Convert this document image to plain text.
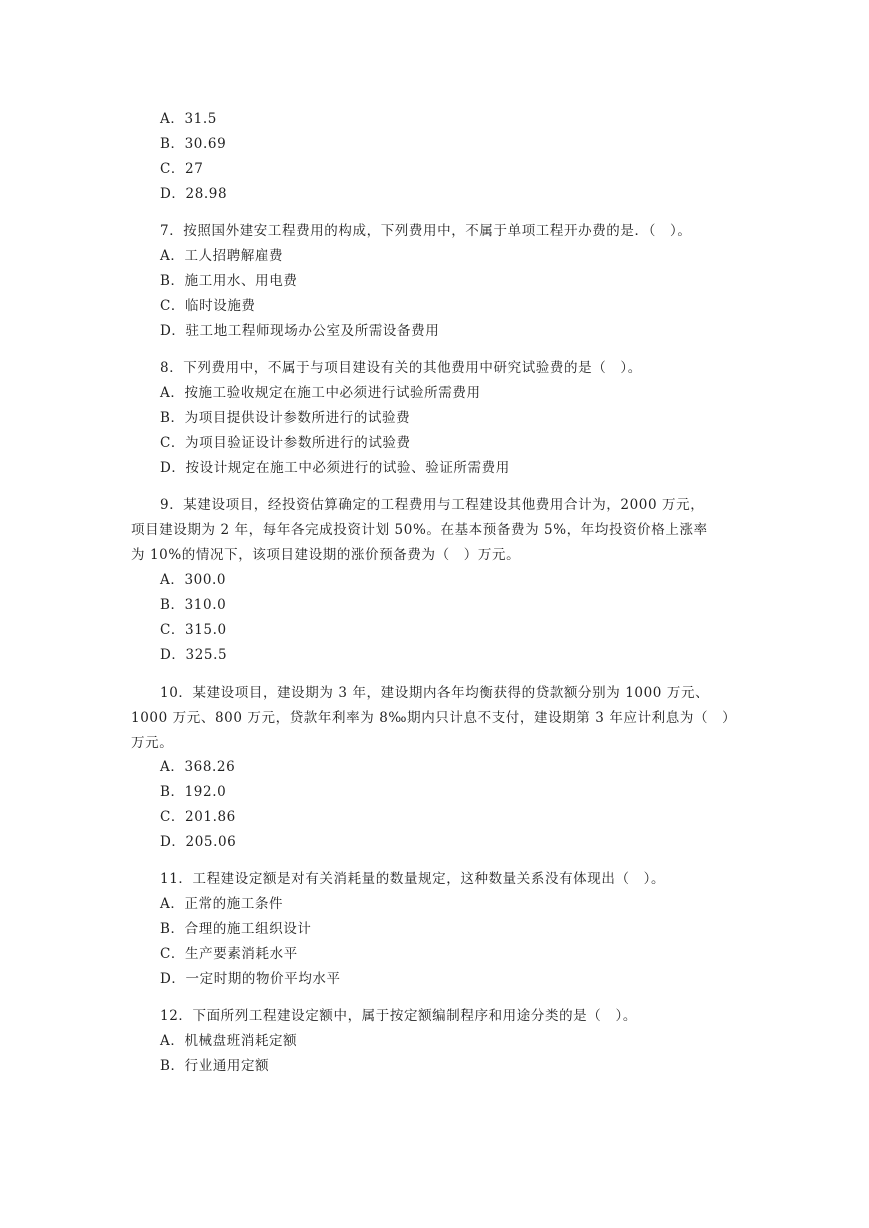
A．31.5
B．30.69
C．27
D．28.98
7．按照国外建安工程费用的构成，下列费用中，不属于单项工程开办费的是．（　）。
A．工人招聘解雇费
B．施工用水、用电费
C．临时设施费
D．驻工地工程师现场办公室及所需设备费用
8．下列费用中，不属于与项目建设有关的其他费用中研究试验费的是（　）。
A．按施工验收规定在施工中必须进行试验所需费用
B．为项目提供设计参数所进行的试验费
C．为项目验证设计参数所进行的试验费
D．按设计规定在施工中必须进行的试验、验证所需费用
9．某建设项目，经投资估算确定的工程费用与工程建设其他费用合计为，2000 万元，
项目建设期为 2 年，每年各完成投资计划 50%。在基本预备费为 5%，年均投资价格上涨率
为 10%的情况下，该项目建设期的涨价预备费为（　）万元。
A．300.0
B．310.0
C．315.0
D．325.5
10．某建设项目，建设期为 3 年，建设期内各年均衡获得的贷款额分别为 1000 万元、
1000 万元、800 万元，贷款年利率为 8‰期内只计息不支付，建设期第 3 年应计利息为（　）
万元。
A．368.26
B．192.0
C．201.86
D．205.06
11．工程建设定额是对有关消耗量的数量规定，这种数量关系没有体现出（　）。
A．正常的施工条件
B．合理的施工组织设计
C．生产要素消耗水平
D．一定时期的物价平均水平
12．下面所列工程建设定额中，属于按定额编制程序和用途分类的是（　）。
A．机械盘班消耗定额
B．行业通用定额
